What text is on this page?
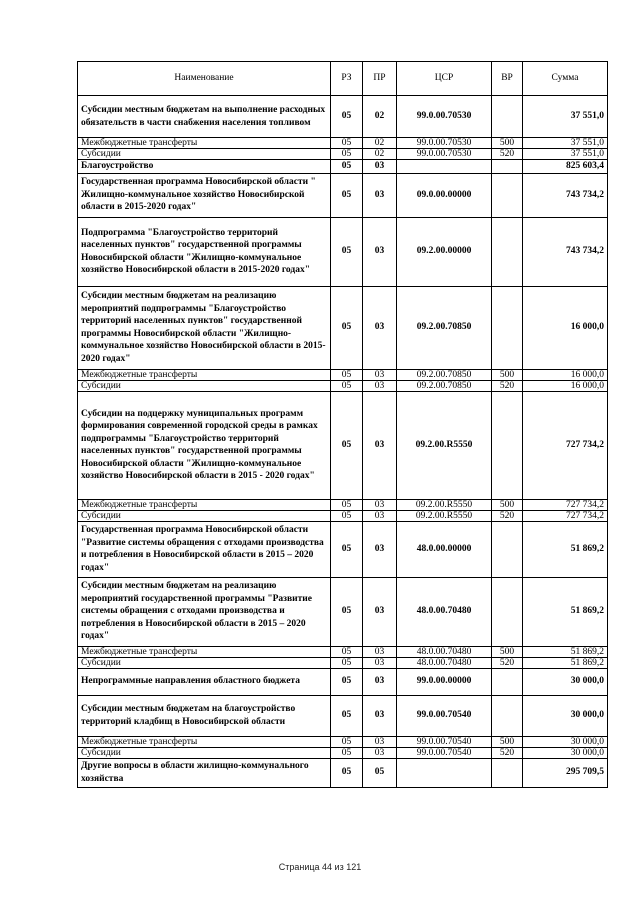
Наименование	РЗ	ПР	ЦСР	ВР	Сумма
Субсидии местным бюджетам на выполнение расходных обязательств в части снабжения населения топливом	05	02	99.0.00.70530		37 551,0
Межбюджетные трансферты	05	02	99.0.00.70530	500	37 551,0
Субсидии	05	02	99.0.00.70530	520	37 551,0
Благоустройство	05	03			825 603,4
Государственная программа Новосибирской области " Жилищно-коммунальное хозяйство Новосибирской области в 2015-2020 годах"	05	03	09.0.00.00000		743 734,2
Подпрограмма "Благоустройство территорий населенных пунктов" государственной программы Новосибирской области "Жилищно-коммунальное хозяйство Новосибирской области в 2015-2020 годах"	05	03	09.2.00.00000		743 734,2
Субсидии местным бюджетам на реализацию мероприятий подпрограммы "Благоустройство территорий населенных пунктов" государственной программы Новосибирской области "Жилищно-коммунальное хозяйство Новосибирской области в 2015-2020 годах"	05	03	09.2.00.70850		16 000,0
Межбюджетные трансферты	05	03	09.2.00.70850	500	16 000,0
Субсидии	05	03	09.2.00.70850	520	16 000,0
Субсидии на подцержку муниципальных программ формирования современной городской среды в рамках подпрограммы "Благоустройство территорий населенных пунктов" государственной программы Новосибирской области "Жилищно-коммунальное хозяйство Новосибирской области в 2015 - 2020 годах"	05	03	09.2.00.R5550		727 734,2
Межбюджетные трансферты	05	03	09.2.00.R5550	500	727 734,2
Субсидии	05	03	09.2.00.R5550	520	727 734,2
Государственная программа Новосибирской области "Развитие системы обращения с отходами производства и потребления в Новосибирской области в 2015 – 2020 годах"	05	03	48.0.00.00000		51 869,2
Субсидии местным бюджетам на реализацию мероприятий государственной программы "Развитие системы обращения с отходами производства и потребления в Новосибирской области в 2015 – 2020 годах"	05	03	48.0.00.70480		51 869,2
Межбюджетные трансферты	05	03	48.0.00.70480	500	51 869,2
Субсидии	05	03	48.0.00.70480	520	51 869,2
Непрограммные направления областного бюджета	05	03	99.0.00.00000		30 000,0
Субсидии местным бюджетам на благоустройство территорий кладбищ в Новосибирской области	05	03	99.0.00.70540		30 000,0
Межбюджетные трансферты	05	03	99.0.00.70540	500	30 000,0
Субсидии	05	03	99.0.00.70540	520	30 000,0
Другие вопросы в области жилищно-коммунального хозяйства	05	05			295 709,5
Страница 44 из 121
